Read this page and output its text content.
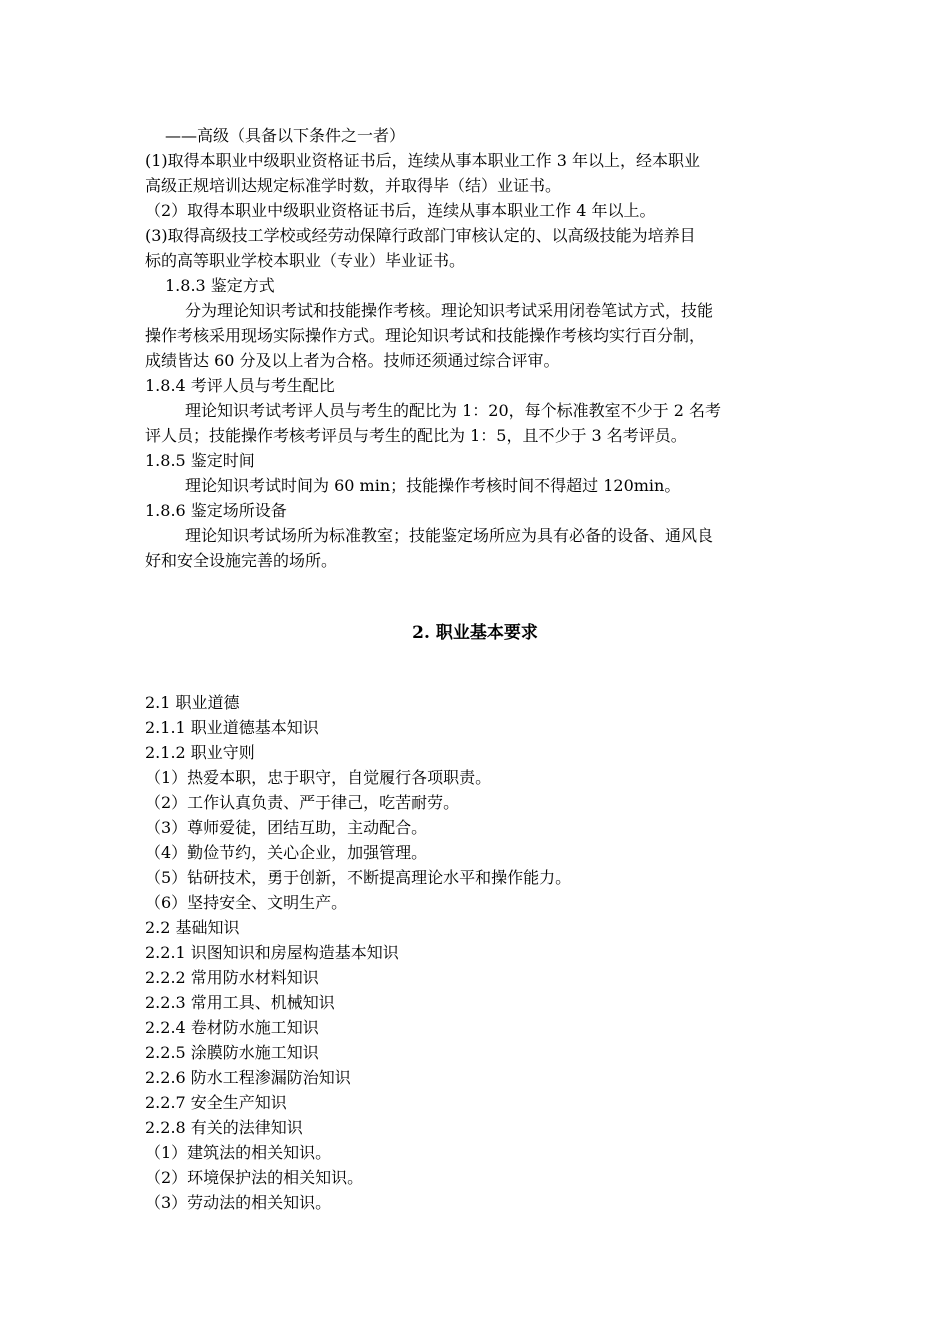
——高级（具备以下条件之一者）
(1)取得本职业中级职业资格证书后，连续从事本职业工作 3 年以上，经本职业
高级正规培训达规定标准学时数，并取得毕（结）业证书。
（2）取得本职业中级职业资格证书后，连续从事本职业工作 4 年以上。
(3)取得高级技工学校或经劳动保障行政部门审核认定的、以高级技能为培养目
标的高等职业学校本职业（专业）毕业证书。
1.8.3 鉴定方式
分为理论知识考试和技能操作考核。理论知识考试采用闭卷笔试方式，技能
操作考核采用现场实际操作方式。理论知识考试和技能操作考核均实行百分制，
成绩皆达 60 分及以上者为合格。技师还须通过综合评审。
1.8.4 考评人员与考生配比
理论知识考试考评人员与考生的配比为 1：20，每个标准教室不少于 2 名考
评人员；技能操作考核考评员与考生的配比为 1：5，且不少于 3 名考评员。
1.8.5 鉴定时间
理论知识考试时间为 60 min；技能操作考核时间不得超过 120min。
1.8.6 鉴定场所设备
理论知识考试场所为标准教室；技能鉴定场所应为具有必备的设备、通风良
好和安全设施完善的场所。
2. 职业基本要求
2.1 职业道德
2.1.1 职业道德基本知识
2.1.2 职业守则
（1）热爱本职，忠于职守，自觉履行各项职责。
（2）工作认真负责、严于律己，吃苦耐劳。
（3）尊师爱徒，团结互助，主动配合。
（4）勤俭节约，关心企业，加强管理。
（5）钻研技术，勇于创新，不断提高理论水平和操作能力。
（6）坚持安全、文明生产。
2.2 基础知识
2.2.1 识图知识和房屋构造基本知识
2.2.2 常用防水材料知识
2.2.3 常用工具、机械知识
2.2.4 卷材防水施工知识
2.2.5 涂膜防水施工知识
2.2.6 防水工程渗漏防治知识
2.2.7 安全生产知识
2.2.8 有关的法律知识
（1）建筑法的相关知识。
（2）环境保护法的相关知识。
（3）劳动法的相关知识。
